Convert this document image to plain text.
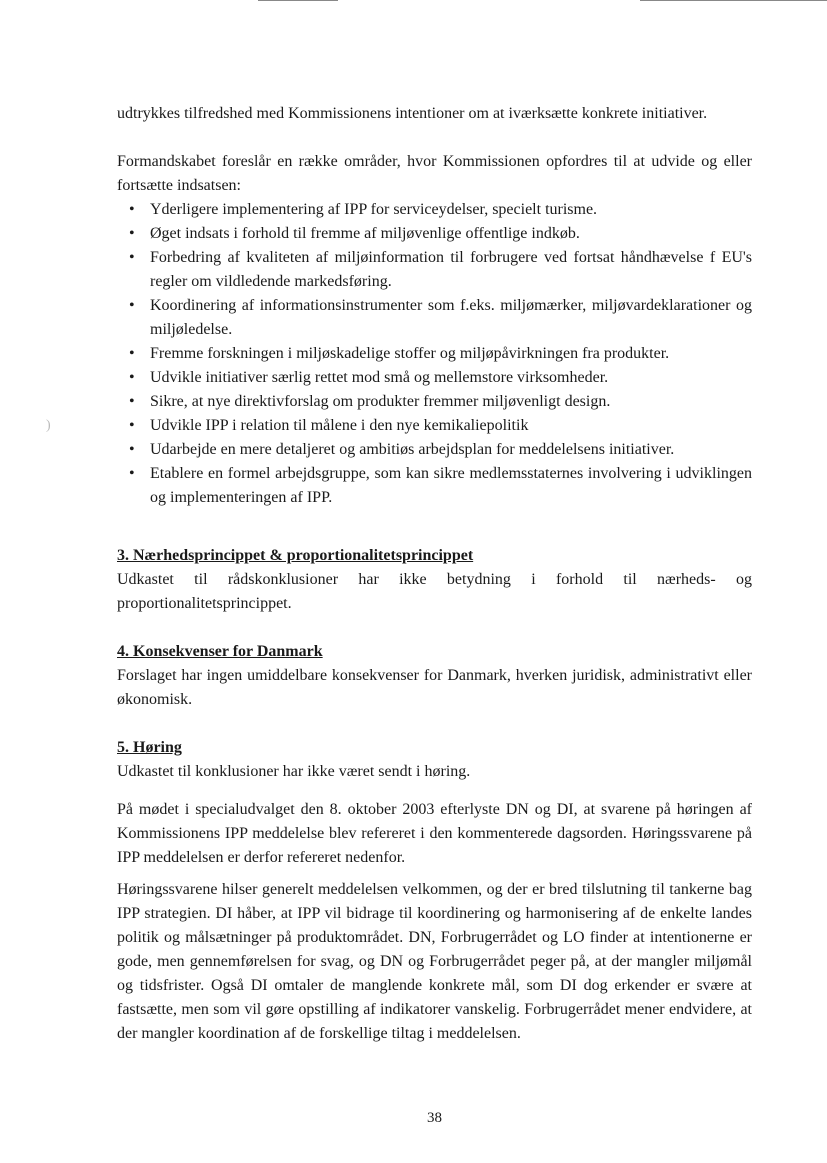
)

udtrykkes tilfredshed med Kommissionens intentioner om at iværksætte konkrete initiativer.

Formandskabet foreslår en række områder, hvor Kommissionen opfordres til at udvide og eller fortsætte indsatsen:

• Yderligere implementering af IPP for serviceydelser, specielt turisme.
• Øget indsats i forhold til fremme af miljøvenlige offentlige indkøb.
• Forbedring af kvaliteten af miljøinformation til forbrugere ved fortsat håndhævelse f EU's regler om vildledende markedsføring.
• Koordinering af informationsinstrumenter som f.eks. miljømærker, miljøvardeklarationer og miljøledelse.
• Fremme forskningen i miljøskadelige stoffer og miljøpåvirkningen fra produkter.
• Udvikle initiativer særlig rettet mod små og mellemstore virksomheder.
• Sikre, at nye direktivforslag om produkter fremmer miljøvenligt design.
• Udvikle IPP i relation til målene i den nye kemikaliepolitik
• Udarbejde en mere detaljeret og ambitiøs arbejdsplan for meddelelsens initiativer.
• Etablere en formel arbejdsgruppe, som kan sikre medlemsstaternes involvering i udviklingen og implementeringen af IPP.
3. Nærhedsprincippet & proportionalitetsprincippet

Udkastet til rådskonklusioner har ikke betydning i forhold til nærheds- og proportionalitetsprincippet.

4. Konsekvenser for Danmark

Forslaget har ingen umiddelbare konsekvenser for Danmark, hverken juridisk, administrativt eller økonomisk.

5. Høring

Udkastet til konklusioner har ikke været sendt i høring.

På mødet i specialudvalget den 8. oktober 2003 efterlyste DN og DI, at svarene på høringen af Kommissionens IPP meddelelse blev refereret i den kommenterede dagsorden. Høringssvarene på IPP meddelelsen er derfor refereret nedenfor.

Høringssvarene hilser generelt meddelelsen velkommen, og der er bred tilslutning til tankerne bag IPP strategien. DI håber, at IPP vil bidrage til koordinering og harmonisering af de enkelte landes politik og målsætninger på produktområdet. DN, Forbrugerrådet og LO finder at intentionerne er gode, men gennemførelsen for svag, og DN og Forbrugerrådet peger på, at der mangler miljømål og tidsfrister. Også DI omtaler de manglende konkrete mål, som DI dog erkender er svære at fastsætte, men som vil gøre opstilling af indikatorer vanskelig. Forbrugerrådet mener endvidere, at der mangler koordination af de forskellige tiltag i meddelelsen.

38
